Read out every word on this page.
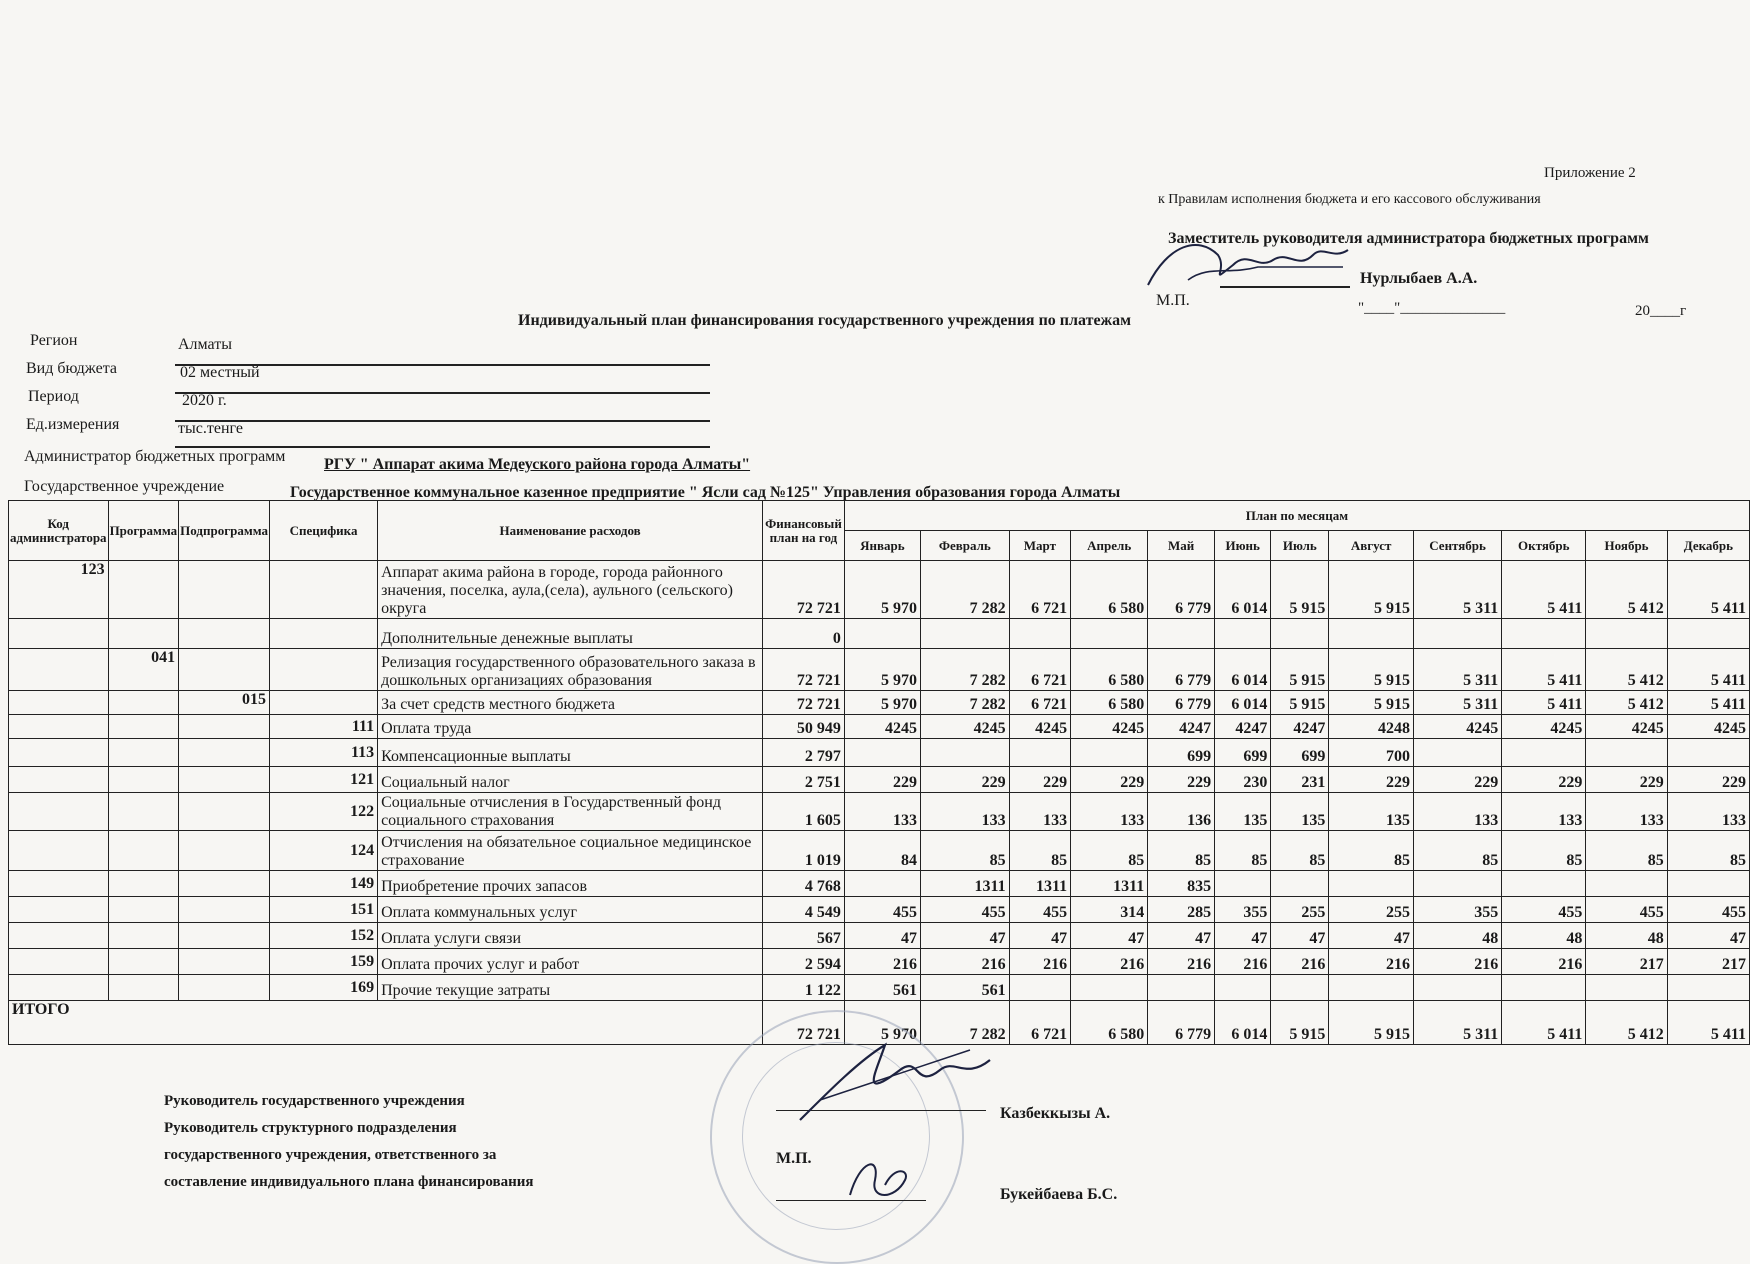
Приложение 2
к Правилам исполнения бюджета и его кассового обслуживания
Заместитель руководителя администратора бюджетных программ
Нурлыбаев А.А.
М.П.	"____"______________	20____г
Индивидуальный план финансирования государственного учреждения по платежам
Регион	Алматы
Вид бюджета	02 местный
Период	2020 г.
Ед.измерения	тыс.тенге
Администратор бюджетных программ РГУ " Аппарат акима Медеуского района города Алматы"
Государственное учреждение	Государственное коммунальное казенное предприятие " Ясли сад №125" Управления образования города Алматы
Код администратора	Программа	Подпрограмма	Специфика	Наименование расходов	Финансовый план на год	План по месяцам											
						Январь	Февраль	Март	Апрель	Май	Июнь	Июль	Август	Сентябрь	Октябрь	Ноябрь	Декабрь
123				Аппарат акима района в городе, города районного значения, поселка, аула,(села), аульного (сельского) округа	72 721	5 970	7 282	6 721	6 580	6 779	6 014	5 915	5 915	5 311	5 411	5 412	5 411
				Дополнительные денежные выплаты	0												
	041			Релизация государственного образовательного заказа в дошкольных организациях образования	72 721	5 970	7 282	6 721	6 580	6 779	6 014	5 915	5 915	5 311	5 411	5 412	5 411
		015		За счет средств местного бюджета	72 721	5 970	7 282	6 721	6 580	6 779	6 014	5 915	5 915	5 311	5 411	5 412	5 411
			111	Оплата труда	50 949	4245	4245	4245	4245	4247	4247	4247	4248	4245	4245	4245	4245
			113	Компенсационные выплаты	2 797					699	699	699	700				
			121	Социальный налог	2 751	229	229	229	229	229	230	231	229	229	229	229	229
			122	Социальные отчисления в Государственный фонд социального страхования	1 605	133	133	133	133	136	135	135	135	133	133	133	133
			124	Отчисления на обязательное социальное медицинское страхование	1 019	84	85	85	85	85	85	85	85	85	85	85	85
			149	Приобретение прочих запасов	4 768		1311	1311	1311	835							
			151	Оплата коммунальных услуг	4 549	455	455	455	314	285	355	255	255	355	455	455	455
			152	Оплата услуги связи	567	47	47	47	47	47	47	47	47	48	48	48	47
			159	Оплата прочих услуг и работ	2 594	216	216	216	216	216	216	216	216	216	216	217	217
			169	Прочие текущие затраты	1 122	561	561										
ИТОГО					72 721	5 970	7 282	6 721	6 580	6 779	6 014	5 915	5 915	5 311	5 411	5 412	5 411
Руководитель государственного учреждения
Руководитель структурного подразделения
государственного учреждения, ответственного за
составление индивидуального плана финансирования
Казбеккызы А.
М.П.
Букейбаева Б.С.
